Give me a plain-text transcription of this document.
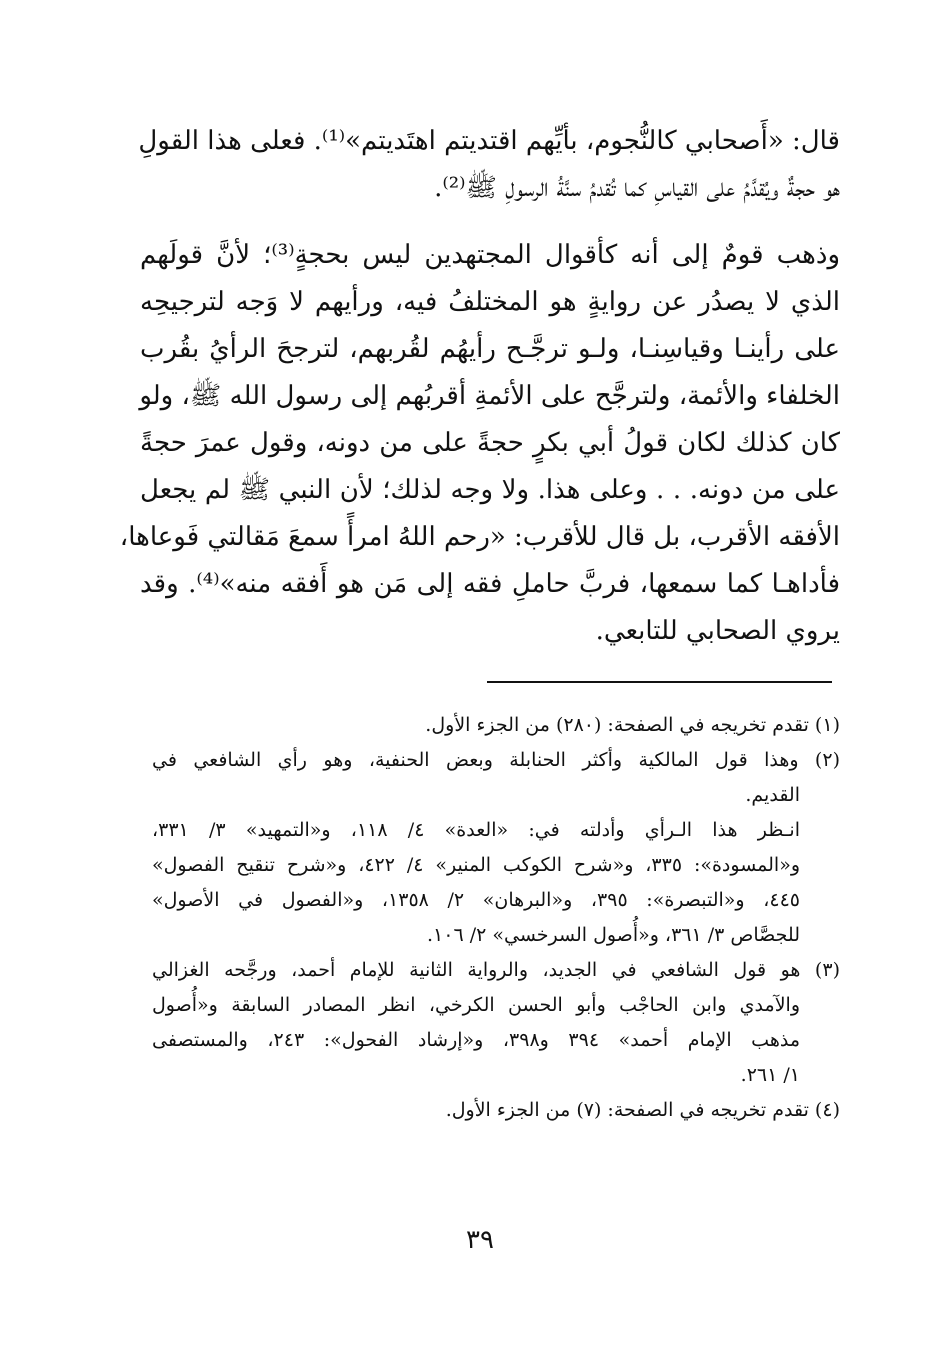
قال: «أَصحابي كالنُّجوم، بأيِّهم اقتديتم اهتَديتم»⁽¹⁾. فعلى هذا القولِ
هو حجةٌ ويُقدَّمُ على القياسِ كما تُقدمُ سنَّةُ الرسولِ ﷺ⁽²⁾.
وذهب قومٌ إلى أنه كأقوال المجتهدين ليس بحجةٍ⁽³⁾؛ لأنَّ قولَهم
الذي لا يصدُر عن روايةٍ هو المختلفُ فيه، ورأيهم لا وَجه لترجيحِه
على رأينـا وقياسِنـا، ولـو ترجَّـح رأيهُم لقُربهم، لترجحَ الرأيُ بقُرب
الخلفاء والأئمة، ولترجَّح على الأئمةِ أقربُهم إلى رسول الله ﷺ، ولو
كان كذلك لكان قولُ أبي بكرٍ حجةً على من دونه، وقول عمرَ حجةً
على من دونه. . . وعلى هذا. ولا وجه لذلك؛ لأن النبي ﷺ لم يجعل
الأفقه الأقرب، بل قال للأقرب: «رحم اللهُ امرأً سمعَ مَقالتي فَوعاها،
فأداهـا كما سمعها، فربَّ حاملِ فقه إلى مَن هو أَفقه منه»⁽⁴⁾. وقد
يروي الصحابي للتابعي.
(١) تقدم تخريجه في الصفحة: (٢٨٠) من الجزء الأول.
(٢) وهذا قول المالكية وأكثر الحنابلة وبعض الحنفية، وهو رأي الشافعي في
القديم.
انـظر هذا الـرأي وأدلته في: «العدة» ٤/ ١١٨، و«التمهيد» ٣/ ٣٣١،
و«المسودة»: ٣٣٥، و«شرح الكوكب المنير» ٤/ ٤٢٢، و«شرح تنقيح الفصول»
٤٤٥، و«التبصرة»: ٣٩٥، و«البرهان» ٢/ ١٣٥٨، و«الفصول في الأصول»
للجصَّاص ٣/ ٣٦١، و«أُصول السرخسي» ٢/ ١٠٦.
(٣) هو قول الشافعي في الجديد، والرواية الثانية للإمام أحمد، ورجَّحه الغزالي
والآمدي وابن الحاجْب وأبو الحسن الكرخي، انظر المصادر السابقة و«أُصول
مذهب الإمام أحمد» ٣٩٤ و٣٩٨، و«إرشاد الفحول»: ٢٤٣، والمستصفى
١/ ٢٦١.
(٤) تقدم تخريجه في الصفحة: (٧) من الجزء الأول.
٣٩
